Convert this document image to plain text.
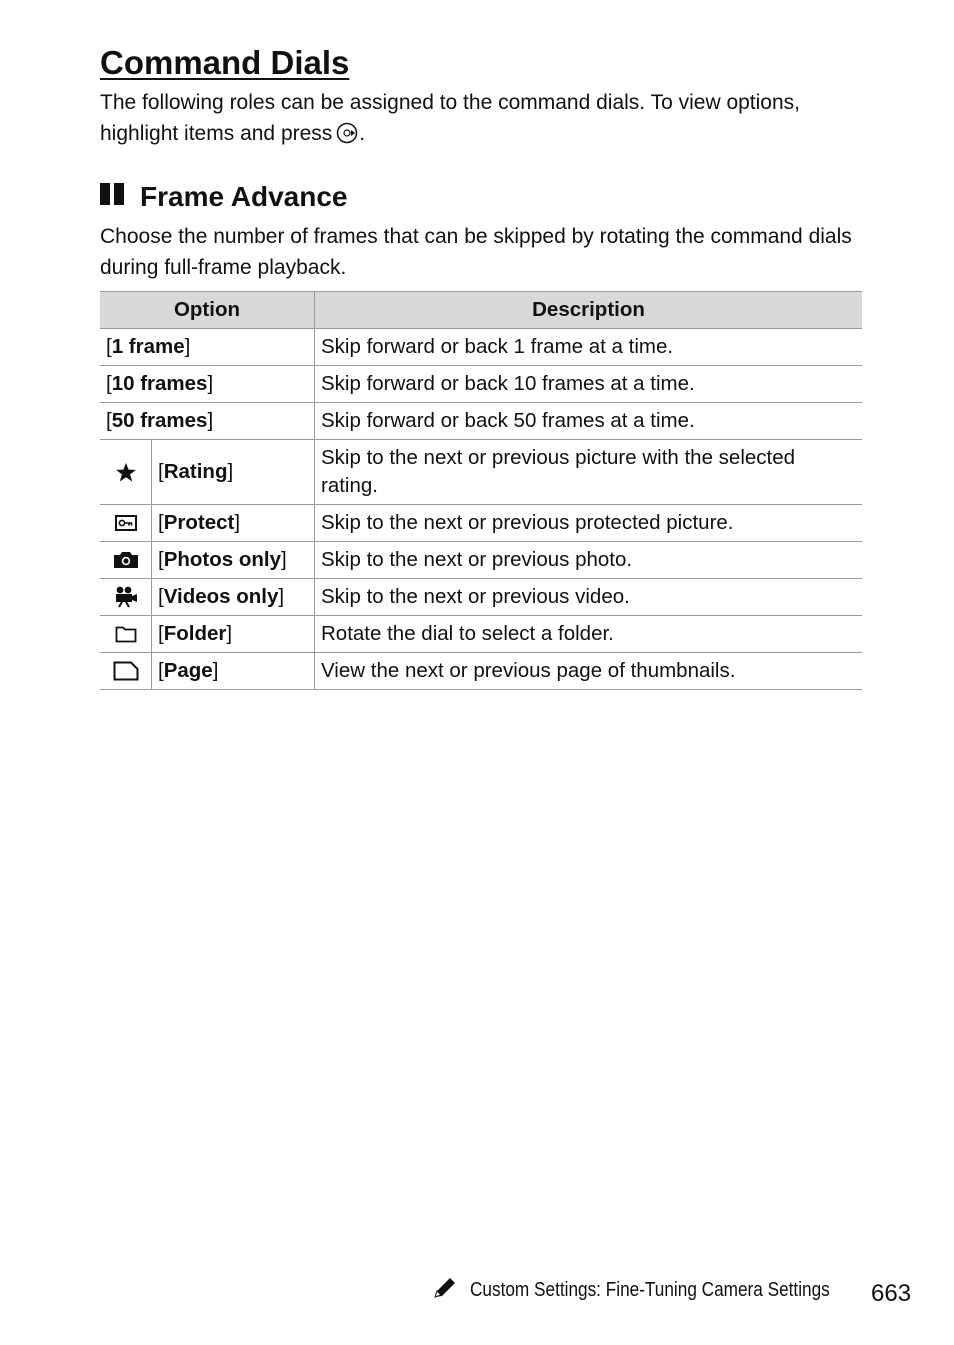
Command Dials

The following roles can be assigned to the command dials. To view options, highlight items and press .

Frame Advance

Choose the number of frames that can be skipped by rotating the command dials during full-frame playback.

Option		Description
[1 frame]		Skip forward or back 1 frame at a time.
[10 frames]		Skip forward or back 10 frames at a time.
[50 frames]		Skip forward or back 50 frames at a time.

	[Rating]	Skip to the next or previous picture with the selected rating.

	[Protect]	Skip to the next or previous protected picture.

	[Photos only]	Skip to the next or previous photo.

	[Videos only]	Skip to the next or previous video.

	[Folder]	Rotate the dial to select a folder.

	[Page]	View the next or previous page of thumbnails.
Custom Settings: Fine-Tuning Camera Settings 663
